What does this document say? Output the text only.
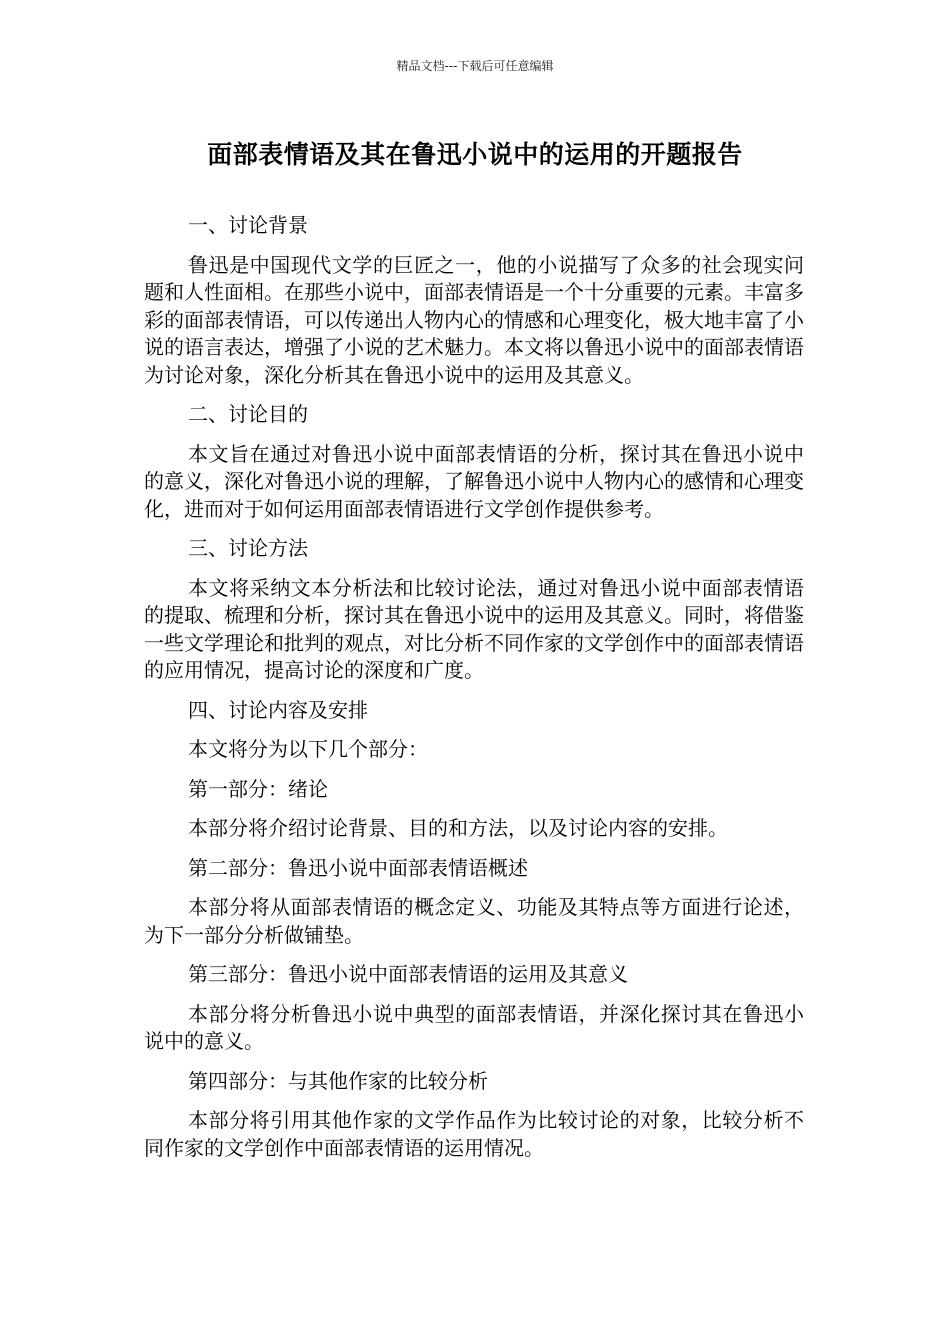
精品文档---下载后可任意编辑
面部表情语及其在鲁迅小说中的运用的开题报告

一、讨论背景

鲁迅是中国现代文学的巨匠之一，他的小说描写了众多的社会现实问题和人性面相。在那些小说中，面部表情语是一个十分重要的元素。丰富多彩的面部表情语，可以传递出人物内心的情感和心理变化，极大地丰富了小说的语言表达，增强了小说的艺术魅力。本文将以鲁迅小说中的面部表情语为讨论对象，深化分析其在鲁迅小说中的运用及其意义。

二、讨论目的

本文旨在通过对鲁迅小说中面部表情语的分析，探讨其在鲁迅小说中的意义，深化对鲁迅小说的理解，了解鲁迅小说中人物内心的感情和心理变化，进而对于如何运用面部表情语进行文学创作提供参考。

三、讨论方法

本文将采纳文本分析法和比较讨论法，通过对鲁迅小说中面部表情语的提取、梳理和分析，探讨其在鲁迅小说中的运用及其意义。同时，将借鉴一些文学理论和批判的观点，对比分析不同作家的文学创作中的面部表情语的应用情况，提高讨论的深度和广度。

四、讨论内容及安排

本文将分为以下几个部分：

第一部分：绪论

本部分将介绍讨论背景、目的和方法，以及讨论内容的安排。

第二部分：鲁迅小说中面部表情语概述

本部分将从面部表情语的概念定义、功能及其特点等方面进行论述，为下一部分分析做铺垫。

第三部分：鲁迅小说中面部表情语的运用及其意义

本部分将分析鲁迅小说中典型的面部表情语，并深化探讨其在鲁迅小说中的意义。

第四部分：与其他作家的比较分析

本部分将引用其他作家的文学作品作为比较讨论的对象，比较分析不同作家的文学创作中面部表情语的运用情况。
